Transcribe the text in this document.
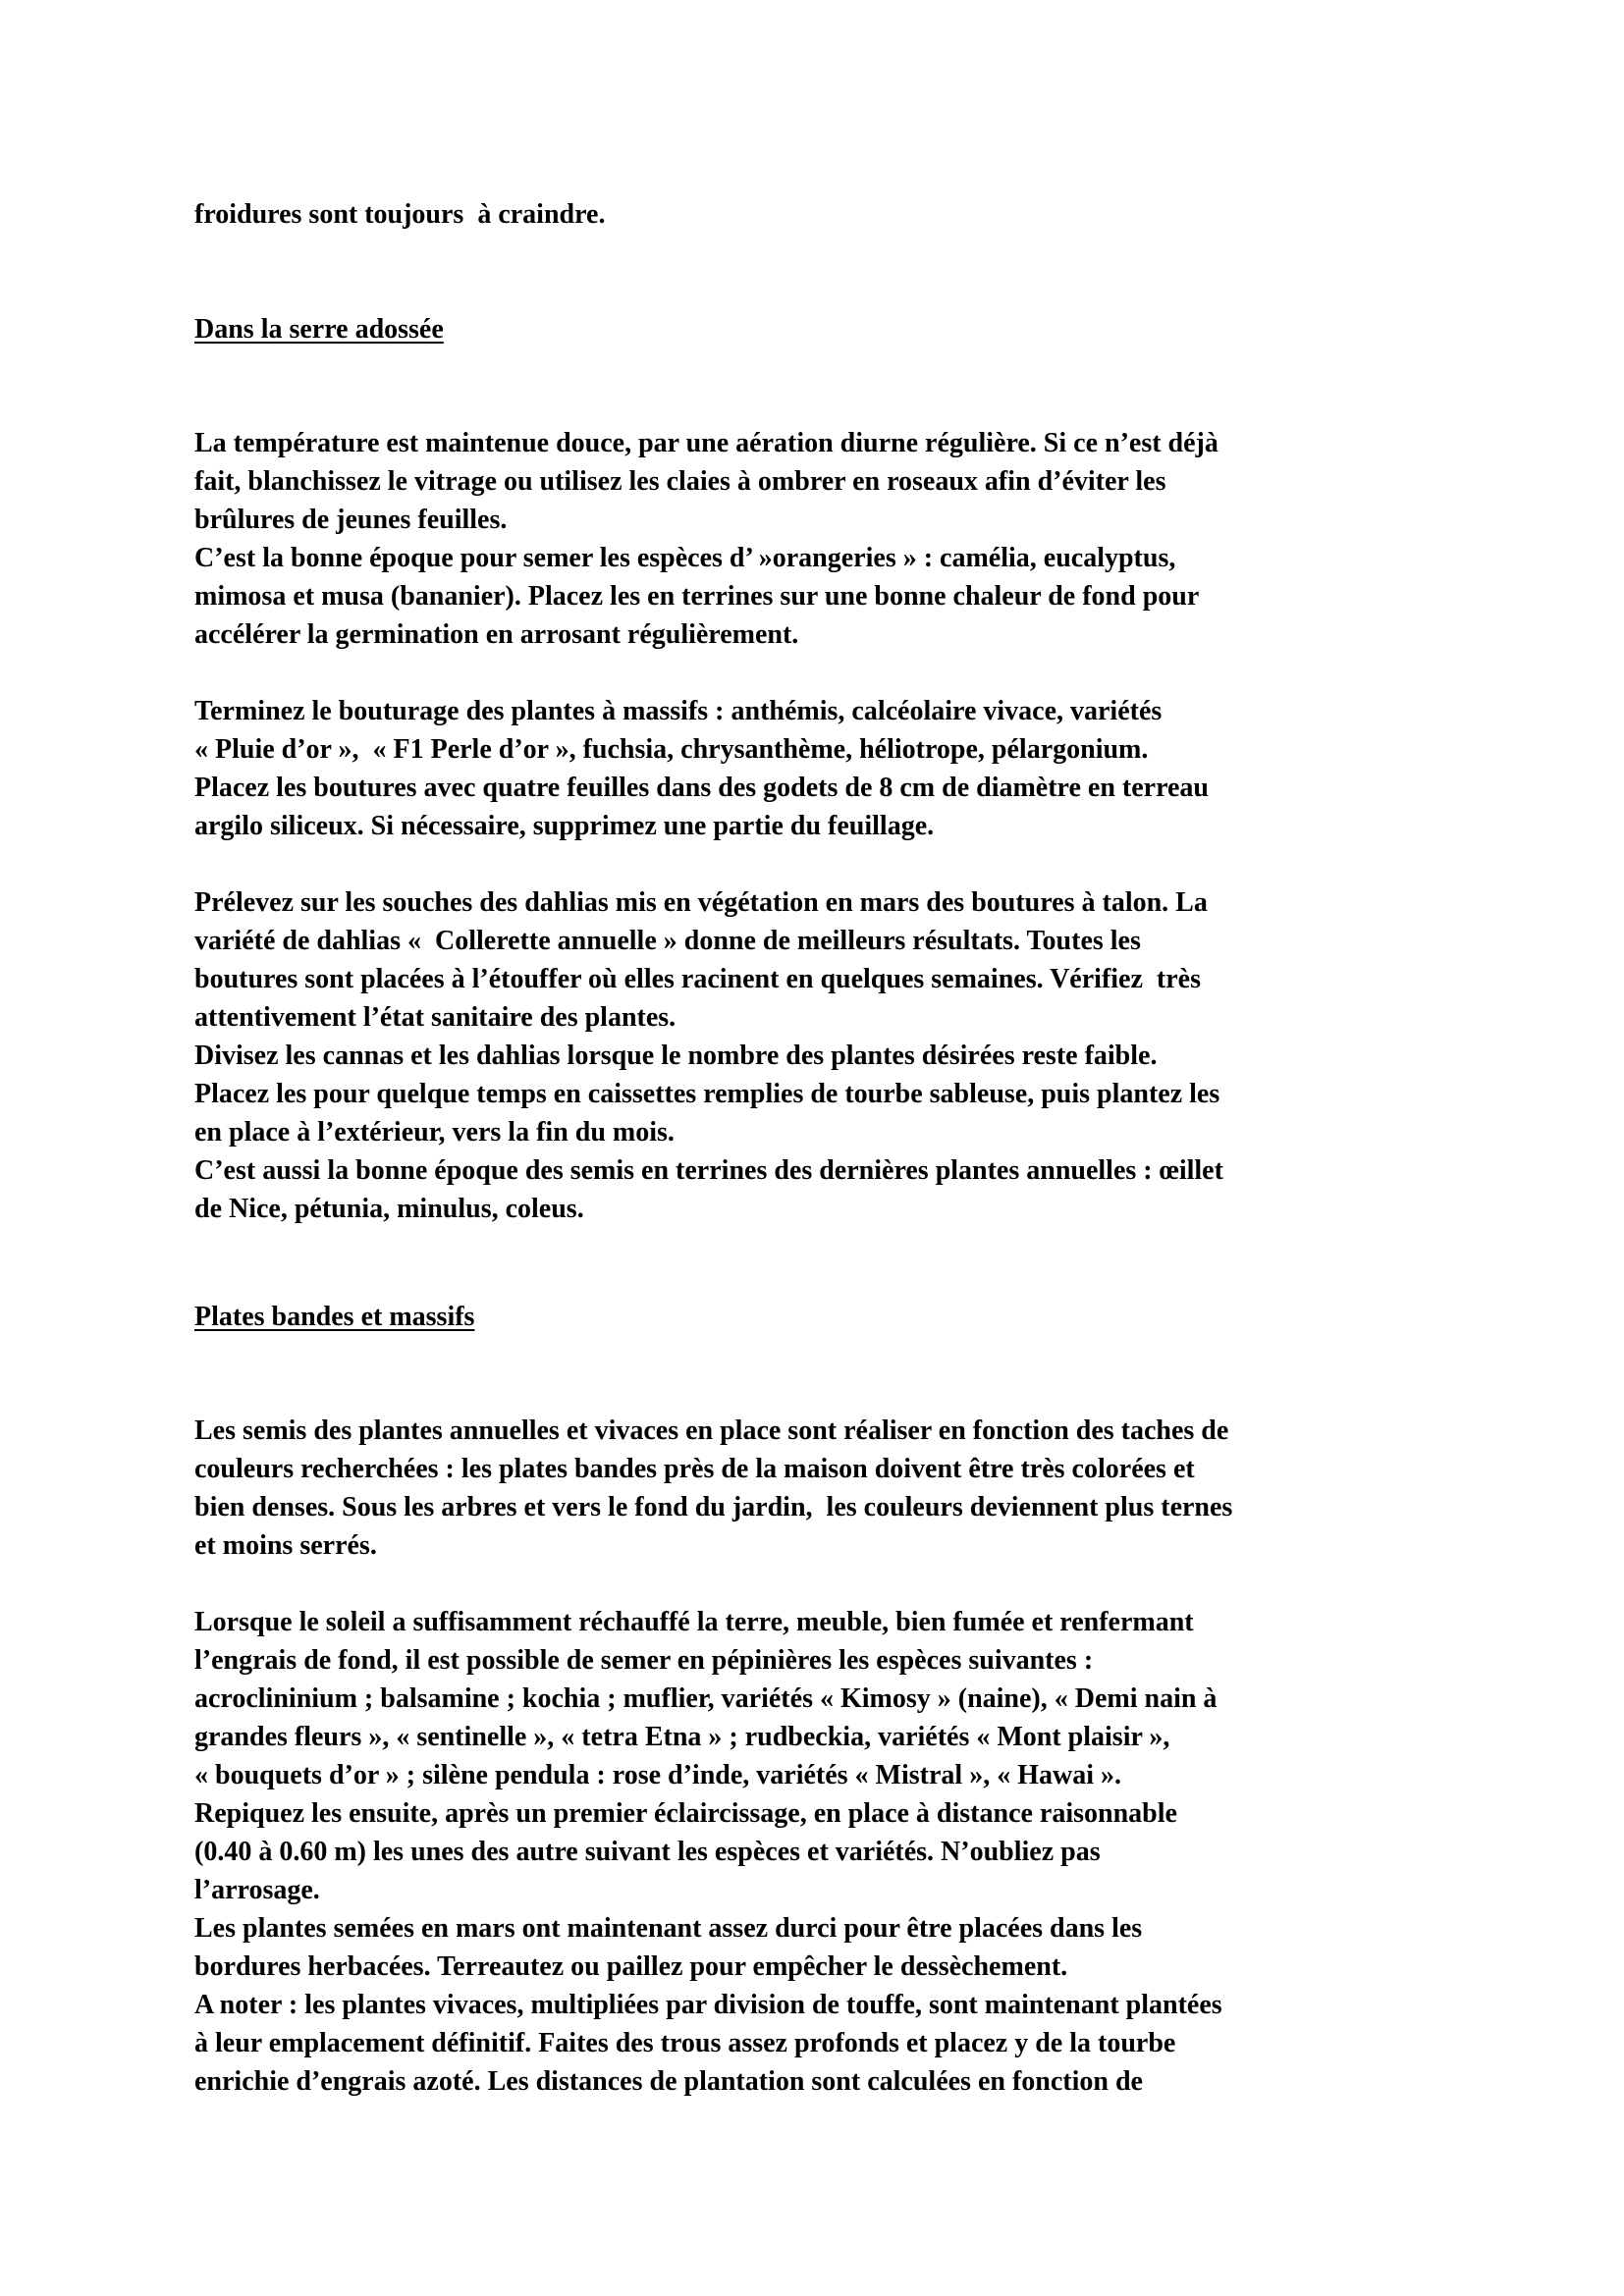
froidures sont toujours  à craindre.
Dans la serre adossée
La température est maintenue douce, par une aération diurne régulière. Si ce n’est déjà
fait, blanchissez le vitrage ou utilisez les claies à ombrer en roseaux afin d’éviter les
brûlures de jeunes feuilles.
C’est la bonne époque pour semer les espèces d’ »orangeries » : camélia, eucalyptus,
mimosa et musa (bananier). Placez les en terrines sur une bonne chaleur de fond pour
accélérer la germination en arrosant régulièrement.
Terminez le bouturage des plantes à massifs : anthémis, calcéolaire vivace, variétés
« Pluie d’or »,  « F1 Perle d’or », fuchsia, chrysanthème, héliotrope, pélargonium.
Placez les boutures avec quatre feuilles dans des godets de 8 cm de diamètre en terreau
argilo siliceux. Si nécessaire, supprimez une partie du feuillage.
Prélevez sur les souches des dahlias mis en végétation en mars des boutures à talon. La
variété de dahlias «  Collerette annuelle » donne de meilleurs résultats. Toutes les
boutures sont placées à l’étouffer où elles racinent en quelques semaines. Vérifiez  très
attentivement l’état sanitaire des plantes.
Divisez les cannas et les dahlias lorsque le nombre des plantes désirées reste faible.
Placez les pour quelque temps en caissettes remplies de tourbe sableuse, puis plantez les
en place à l’extérieur, vers la fin du mois.
C’est aussi la bonne époque des semis en terrines des dernières plantes annuelles : œillet
de Nice, pétunia, minulus, coleus.
Plates bandes et massifs
Les semis des plantes annuelles et vivaces en place sont réaliser en fonction des taches de
couleurs recherchées : les plates bandes près de la maison doivent être très colorées et
bien denses. Sous les arbres et vers le fond du jardin,  les couleurs deviennent plus ternes
et moins serrés.
Lorsque le soleil a suffisamment réchauffé la terre, meuble, bien fumée et renfermant
l’engrais de fond, il est possible de semer en pépinières les espèces suivantes :
acroclininium ; balsamine ; kochia ; muflier, variétés « Kimosy » (naine), « Demi nain à
grandes fleurs », « sentinelle », « tetra Etna » ; rudbeckia, variétés « Mont plaisir »,
« bouquets d’or » ; silène pendula : rose d’inde, variétés « Mistral », « Hawai ».
Repiquez les ensuite, après un premier éclaircissage, en place à distance raisonnable
(0.40 à 0.60 m) les unes des autre suivant les espèces et variétés. N’oubliez pas
l’arrosage.
Les plantes semées en mars ont maintenant assez durci pour être placées dans les
bordures herbacées. Terreautez ou paillez pour empêcher le dessèchement.
A noter : les plantes vivaces, multipliées par division de touffe, sont maintenant plantées
à leur emplacement définitif. Faites des trous assez profonds et placez y de la tourbe
enrichie d’engrais azoté. Les distances de plantation sont calculées en fonction de
